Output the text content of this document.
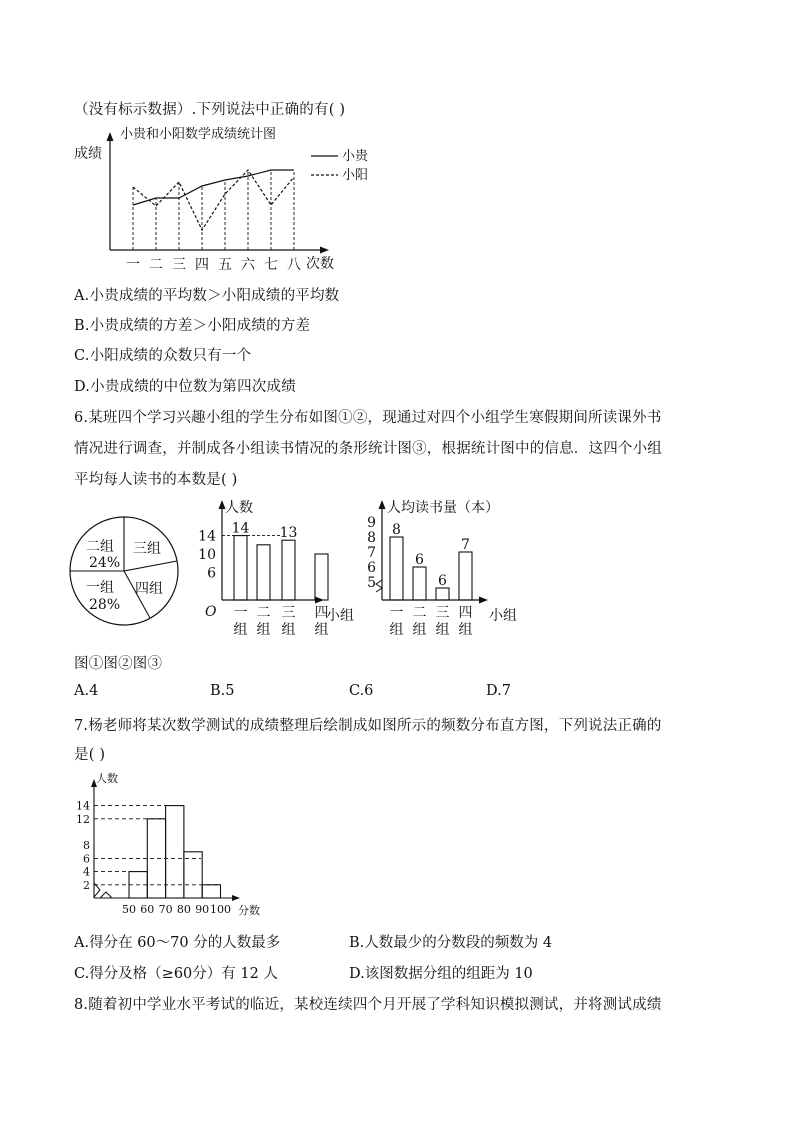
（没有标示数据）.下列说法中正确的有( )
小贵和小阳数学成绩统计图
成绩
次数
小贵
小阳
一 二 三 四 五 六 七 八
A.小贵成绩的平均数＞小阳成绩的平均数
B.小贵成绩的方差＞小阳成绩的方差
C.小阳成绩的众数只有一个
D.小贵成绩的中位数为第四次成绩
6.某班四个学习兴趣小组的学生分布如图①②，现通过对四个小组学生寒假期间所读课外书
情况进行调查，并制成各小组读书情况的条形统计图③，根据统计图中的信息．这四个小组
平均每人读书的本数是( )
二组
24%
三组
四组
一组
28%
人数
O	小组
6
10
14
一
组
14
二
组
三
组
13
四
组
人均读书量（本）
小组
5
6
7
8
9 8
一
组
6
二
组
6
三
组
7
四
组
图①图②图③
A.4	B.5	C.6	D.7
7.杨老师将某次数学测试的成绩整理后绘制成如图所示的频数分布直方图，下列说法正确的
是( )
人数
分数
2
4
6
8
12
14
50 60 70 80 90 100
A.得分在 60～70 分的人数最多	B.人数最少的分数段的频数为 4
C.得分及格（≥60分）有 12 人	D.该图数据分组的组距为 10
8.随着初中学业水平考试的临近，某校连续四个月开展了学科知识模拟测试，并将测试成绩
